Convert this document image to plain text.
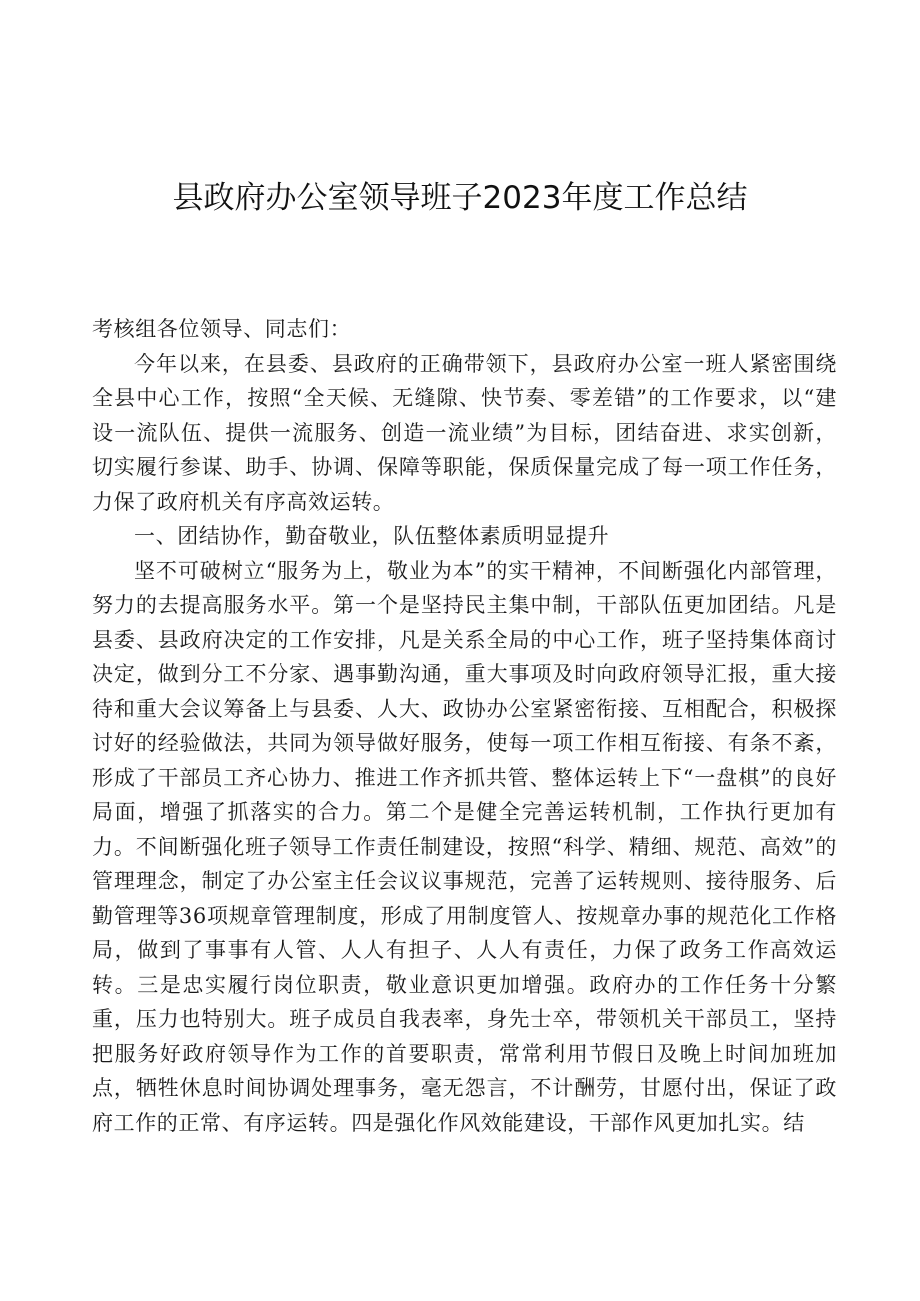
县政府办公室领导班子2023年度工作总结

考核组各位领导、同志们：

今年以来，在县委、县政府的正确带领下，县政府办公室一班人紧密围绕全县中心工作，按照“全天候、无缝隙、快节奏、零差错”的工作要求，以“建设一流队伍、提供一流服务、创造一流业绩”为目标，团结奋进、求实创新，切实履行参谋、助手、协调、保障等职能，保质保量完成了每一项工作任务，力保了政府机关有序高效运转。

一、团结协作，勤奋敬业，队伍整体素质明显提升

坚不可破树立“服务为上，敬业为本”的实干精神，不间断强化内部管理，努力的去提高服务水平。第一个是坚持民主集中制，干部队伍更加团结。凡是县委、县政府决定的工作安排，凡是关系全局的中心工作，班子坚持集体商讨决定，做到分工不分家、遇事勤沟通，重大事项及时向政府领导汇报，重大接待和重大会议筹备上与县委、人大、政协办公室紧密衔接、互相配合，积极探讨好的经验做法，共同为领导做好服务，使每一项工作相互衔接、有条不紊，形成了干部员工齐心协力、推进工作齐抓共管、整体运转上下“一盘棋”的良好局面，增强了抓落实的合力。第二个是健全完善运转机制，工作执行更加有力。不间断强化班子领导工作责任制建设，按照“科学、精细、规范、高效”的管理理念，制定了办公室主任会议议事规范，完善了运转规则、接待服务、后勤管理等36项规章管理制度，形成了用制度管人、按规章办事的规范化工作格局，做到了事事有人管、人人有担子、人人有责任，力保了政务工作高效运转。三是忠实履行岗位职责，敬业意识更加增强。政府办的工作任务十分繁重，压力也特别大。班子成员自我表率，身先士卒，带领机关干部员工，坚持把服务好政府领导作为工作的首要职责，常常利用节假日及晚上时间加班加点，牺牲休息时间协调处理事务，毫无怨言，不计酬劳，甘愿付出，保证了政府工作的正常、有序运转。四是强化作风效能建设，干部作风更加扎实。结
